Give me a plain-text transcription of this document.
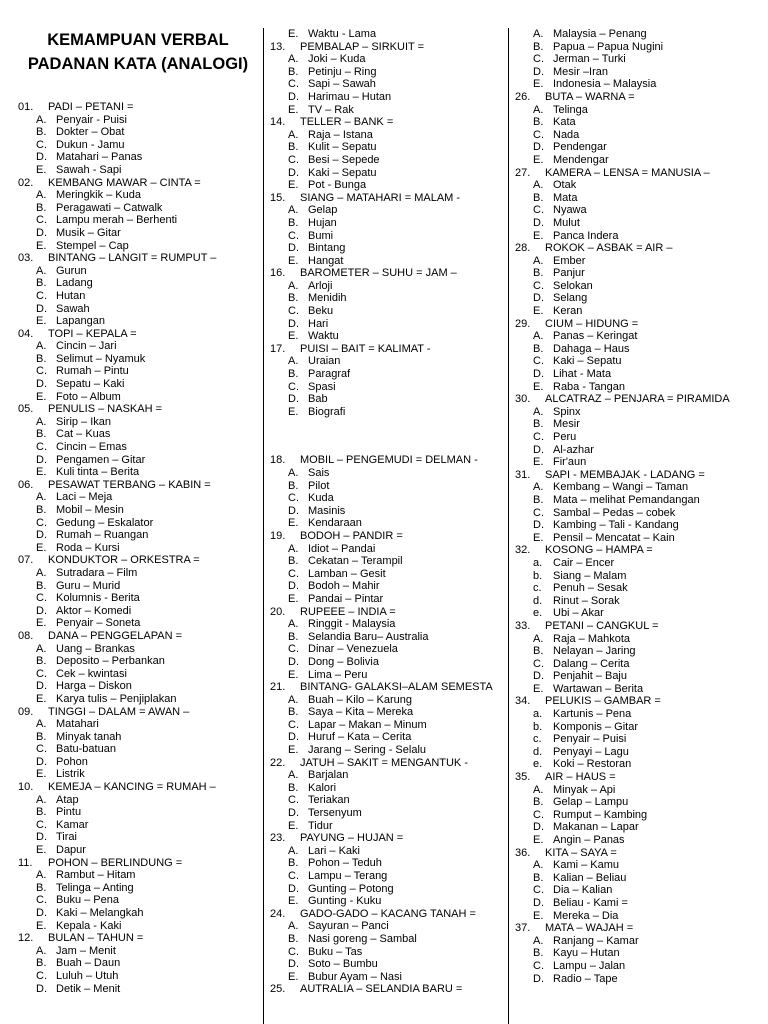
KEMAMPUAN VERBAL
PADANAN KATA (ANALOGI)
01. PADI – PETANI =
A. Penyair - Puisi
B. Dokter – Obat
C. Dukun - Jamu
D. Matahari – Panas
E. Sawah - Sapi
02. KEMBANG MAWAR – CINTA =
A. Meringkik – Kuda
B. Peragawati – Catwalk
C. Lampu merah – Berhenti
D. Musik – Gitar
E. Stempel – Cap
03. BINTANG – LANGIT = RUMPUT –
A. Gurun
B. Ladang
C. Hutan
D. Sawah
E. Lapangan
04. TOPI – KEPALA =
A. Cincin – Jari
B. Selimut – Nyamuk
C. Rumah – Pintu
D. Sepatu – Kaki
E. Foto – Album
05. PENULIS – NASKAH =
A. Sirip – Ikan
B. Cat – Kuas
C. Cincin – Emas
D. Pengamen – Gitar
E. Kuli tinta – Berita
06. PESAWAT TERBANG – KABIN =
A. Laci – Meja
B. Mobil – Mesin
C. Gedung – Eskalator
D. Rumah – Ruangan
E. Roda – Kursi
07. KONDUKTOR – ORKESTRA =
A. Sutradara – Film
B. Guru – Murid
C. Kolumnis - Berita
D. Aktor – Komedi
E. Penyair – Soneta
08. DANA – PENGGELAPAN =
A. Uang – Brankas
B. Deposito – Perbankan
C. Cek – kwintasi
D. Harga – Diskon
E. Karya tulis – Penjiplakan
09. TINGGI – DALAM = AWAN –
A. Matahari
B. Minyak tanah
C. Batu-batuan
D. Pohon
E. Listrik
10. KEMEJA – KANCING = RUMAH –
A. Atap
B. Pintu
C. Kamar
D. Tirai
E. Dapur
11. POHON – BERLINDUNG =
A. Rambut – Hitam
B. Telinga – Anting
C. Buku – Pena
D. Kaki – Melangkah
E. Kepala - Kaki
12. BULAN – TAHUN =
A. Jam – Menit
B. Buah – Daun
C. Luluh – Utuh
D. Detik – Menit
E. Waktu - Lama
13. PEMBALAP – SIRKUIT =
A. Joki – Kuda
B. Petinju – Ring
C. Sapi – Sawah
D. Harimau – Hutan
E. TV – Rak
14. TELLER – BANK =
A. Raja – Istana
B. Kulit – Sepatu
C. Besi – Sepede
D. Kaki – Sepatu
E. Pot - Bunga
15. SIANG – MATAHARI = MALAM -
A. Gelap
B. Hujan
C. Bumi
D. Bintang
E. Hangat
16. BAROMETER – SUHU = JAM –
A. Arloji
B. Menidih
C. Beku
D. Hari
E. Waktu
17. PUISI – BAIT = KALIMAT -
A. Uraian
B. Paragraf
C. Spasi
D. Bab
E. Biografi
18. MOBIL – PENGEMUDI = DELMAN -
A. Sais
B. Pilot
C. Kuda
D. Masinis
E. Kendaraan
19. BODOH – PANDIR =
A. Idiot – Pandai
B. Cekatan – Terampil
C. Lamban – Gesit
D. Bodoh – Mahir
E. Pandai – Pintar
20. RUPEEE – INDIA =
A. Ringgit - Malaysia
B. Selandia Baru– Australia
C. Dinar – Venezuela
D. Dong – Bolivia
E. Lima – Peru
21. BINTANG- GALAKSI–ALAM SEMESTA
A. Buah – Kilo – Karung
B. Saya – Kita – Mereka
C. Lapar – Makan – Minum
D. Huruf – Kata – Cerita
E. Jarang – Sering - Selalu
22. JATUH – SAKIT = MENGANTUK -
A. Barjalan
B. Kalori
C. Teriakan
D. Tersenyum
E. Tidur
23. PAYUNG – HUJAN =
A. Lari – Kaki
B. Pohon – Teduh
C. Lampu – Terang
D. Gunting – Potong
E. Gunting - Kuku
24. GADO-GADO – KACANG TANAH =
A. Sayuran – Panci
B. Nasi goreng – Sambal
C. Buku – Tas
D. Soto – Bumbu
E. Bubur Ayam – Nasi
25. AUTRALIA – SELANDIA BARU =
A. Malaysia – Penang
B. Papua – Papua Nugini
C. Jerman – Turki
D. Mesir –Iran
E. Indonesia – Malaysia
26. BUTA – WARNA =
A. Telinga
B. Kata
C. Nada
D. Pendengar
E. Mendengar
27. KAMERA – LENSA = MANUSIA –
A. Otak
B. Mata
C. Nyawa
D. Mulut
E. Panca Indera
28. ROKOK – ASBAK = AIR –
A. Ember
B. Panjur
C. Selokan
D. Selang
E. Keran
29. CIUM – HIDUNG =
A. Panas – Keringat
B. Dahaga – Haus
C. Kaki – Sepatu
D. Lihat - Mata
E. Raba - Tangan
30. ALCATRAZ – PENJARA = PIRAMIDA
A. Spinx
B. Mesir
C. Peru
D. Al-azhar
E. Fir'aun
31. SAPI - MEMBAJAK - LADANG =
A. Kembang – Wangi – Taman
B. Mata – melihat Pemandangan
C. Sambal – Pedas – cobek
D. Kambing – Tali - Kandang
E. Pensil – Mencatat – Kain
32. KOSONG – HAMPA =
a. Cair – Encer
b. Siang – Malam
c. Penuh – Sesak
d. Rinut – Sorak
e. Ubi – Akar
33. PETANI – CANGKUL =
A. Raja – Mahkota
B. Nelayan – Jaring
C. Dalang – Cerita
D. Penjahit – Baju
E. Wartawan – Berita
34. PELUKIS – GAMBAR =
a. Kartunis – Pena
b. Komponis – Gitar
c. Penyair – Puisi
d. Penyayi – Lagu
e. Koki – Restoran
35. AIR – HAUS =
A. Minyak – Api
B. Gelap – Lampu
C. Rumput – Kambing
D. Makanan – Lapar
E. Angin – Panas
36. KITA – SAYA =
A. Kami – Kamu
B. Kalian – Beliau
C. Dia – Kalian
D. Beliau - Kami =
E. Mereka – Dia
37. MATA – WAJAH =
A. Ranjang – Kamar
B. Kayu – Hutan
C. Lampu – Jalan
D. Radio – Tape
